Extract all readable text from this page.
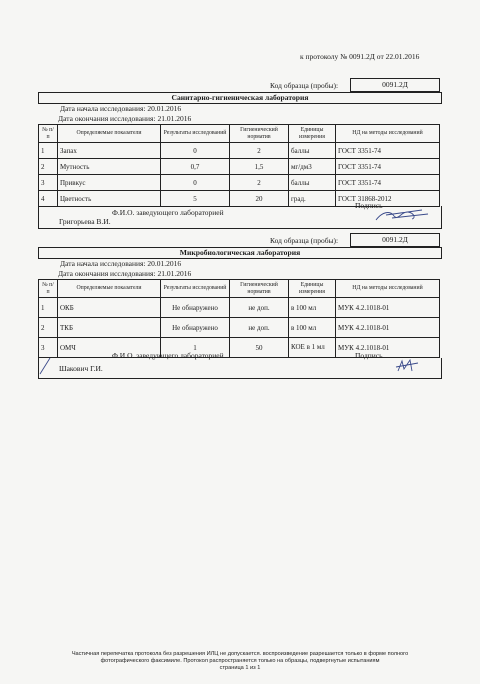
к протоколу № 0091.2Д от 22.01.2016
Код образца (пробы):	0091.2Д
Санитарно-гигиеническая лаборатория
Дата начала исследования: 20.01.2016
Дата окончания исследования: 21.01.2016
№ п/п	Определяемые показатели	Результаты исследований	Гигиенический норматив	Единицы измерения	НД на методы исследований
1	Запах	0	2	баллы	ГОСТ 3351-74
2	Мутность	0,7	1,5	мг/дм3	ГОСТ 3351-74
3	Привкус	0	2	баллы	ГОСТ 3351-74
4	Цветность	5	20	град.	ГОСТ 31868-2012
Ф.И.О. заведующего лабораторией
Подпись
Григорьева В.И.
Код образца (пробы):	0091.2Д
Микробиологическая лаборатория
Дата начала исследования: 20.01.2016
Дата окончания исследования: 21.01.2016
№ п/п	Определяемые показатели	Результаты исследований	Гигиенический норматив	Единицы измерения	НД на методы исследований
1	ОКБ	Не обнаружено	не доп.	в 100 мл	МУК 4.2.1018-01
2	ТКБ	Не обнаружено	не доп.	в 100 мл	МУК 4.2.1018-01
3	ОМЧ	1	50	КОЕ в 1 мл	МУК 4.2.1018-01
Ф.И.О. заведующего лабораторией	Подпись
Шакович Г.И.
Частичная перепечатка протокола без разрешения ИЛЦ не допускается. воспроизведение разрешается только в форме полного
фотографического факсимиле. Протокол распространяется только на образцы, подвергнутые испытаниям
страница 1 из 1
